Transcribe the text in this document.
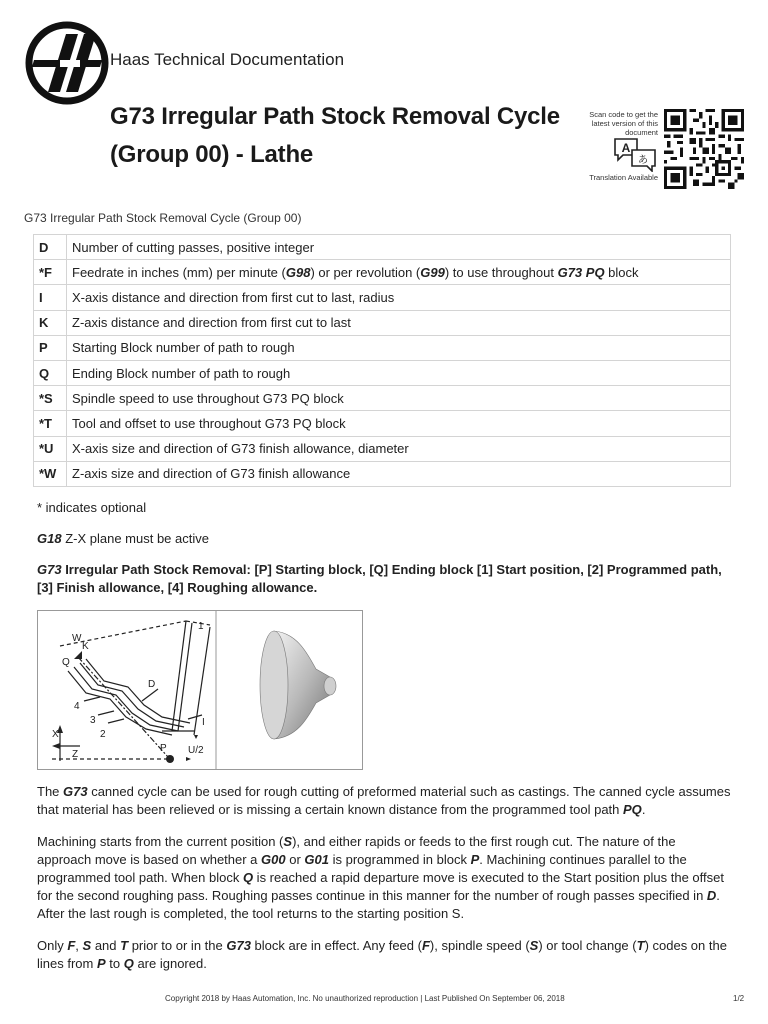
Haas Technical Documentation
G73 Irregular Path Stock Removal Cycle (Group 00) - Lathe
Scan code to get the latest version of this document
A
あ
Translation Available
G73 Irregular Path Stock Removal Cycle (Group 00)
D	Number of cutting passes, positive integer
*F	Feedrate in inches (mm) per minute (G98) or per revolution (G99) to use throughout G73 PQ block
I	X-axis distance and direction from first cut to last, radius
K	Z-axis distance and direction from first cut to last
P	Starting Block number of path to rough
Q	Ending Block number of path to rough
*S	Spindle speed to use throughout G73 PQ block
*T	Tool and offset to use throughout G73 PQ block
*U	X-axis size and direction of G73 finish allowance, diameter
*W	Z-axis size and direction of G73 finish allowance
* indicates optional
G18 Z-X plane must be active
G73 Irregular Path Stock Removal: [P] Starting block, [Q] Ending block [1] Start position, [2] Programmed path, [3] Finish allowance, [4] Roughing allowance.
1
W
K
Q
D
4
3
2
I
P U/2
X
Z
The G73 canned cycle can be used for rough cutting of preformed material such as castings. The canned cycle assumes that material has been relieved or is missing a certain known distance from the programmed tool path PQ.
Machining starts from the current position (S), and either rapids or feeds to the first rough cut. The nature of the approach move is based on whether a G00 or G01 is programmed in block P. Machining continues parallel to the programmed tool path. When block Q is reached a rapid departure move is executed to the Start position plus the offset for the second roughing pass. Roughing passes continue in this manner for the number of rough passes specified in D. After the last rough is completed, the tool returns to the starting position S.
Only F, S and T prior to or in the G73 block are in effect. Any feed (F), spindle speed (S) or tool change (T) codes on the lines from P to Q are ignored.
Copyright 2018 by Haas Automation, Inc. No unauthorized reproduction | Last Published On September 06, 2018	1/2
